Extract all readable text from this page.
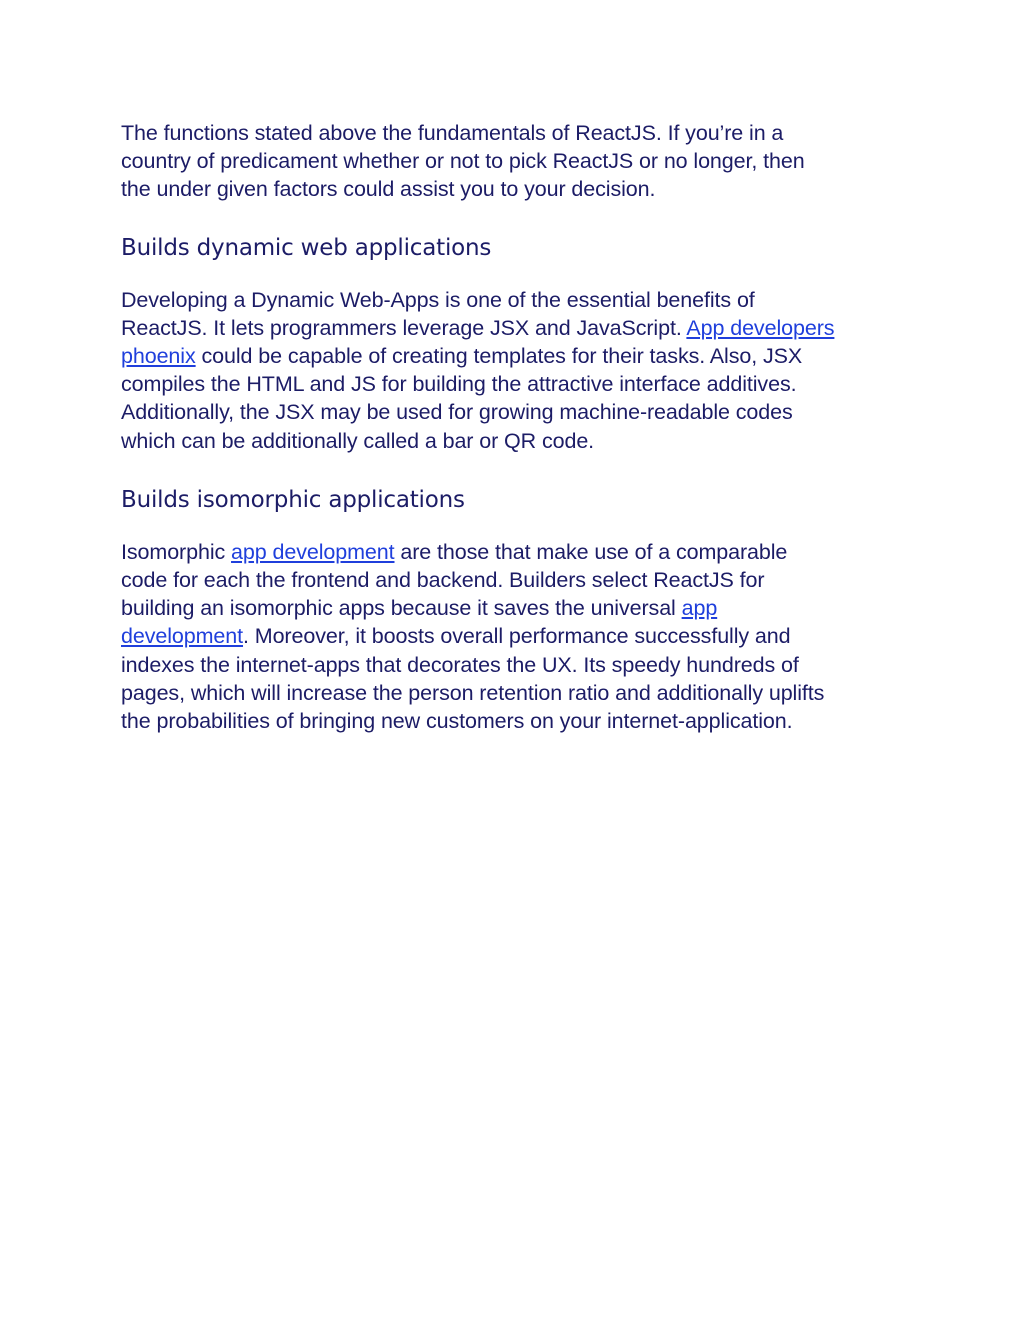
The functions stated above the fundamentals of ReactJS. If you’re in a
country of predicament whether or not to pick ReactJS or no longer, then
the under given factors could assist you to your decision.

Builds dynamic web applications

Developing a Dynamic Web-Apps is one of the essential benefits of
ReactJS. It lets programmers leverage JSX and JavaScript. App developers
phoenix could be capable of creating templates for their tasks. Also, JSX
compiles the HTML and JS for building the attractive interface additives.
Additionally, the JSX may be used for growing machine-readable codes
which can be additionally called a bar or QR code.

Builds isomorphic applications

Isomorphic app development are those that make use of a comparable
code for each the frontend and backend. Builders select ReactJS for
building an isomorphic apps because it saves the universal app
development. Moreover, it boosts overall performance successfully and
indexes the internet-apps that decorates the UX. Its speedy hundreds of
pages, which will increase the person retention ratio and additionally uplifts
the probabilities of bringing new customers on your internet-application.
